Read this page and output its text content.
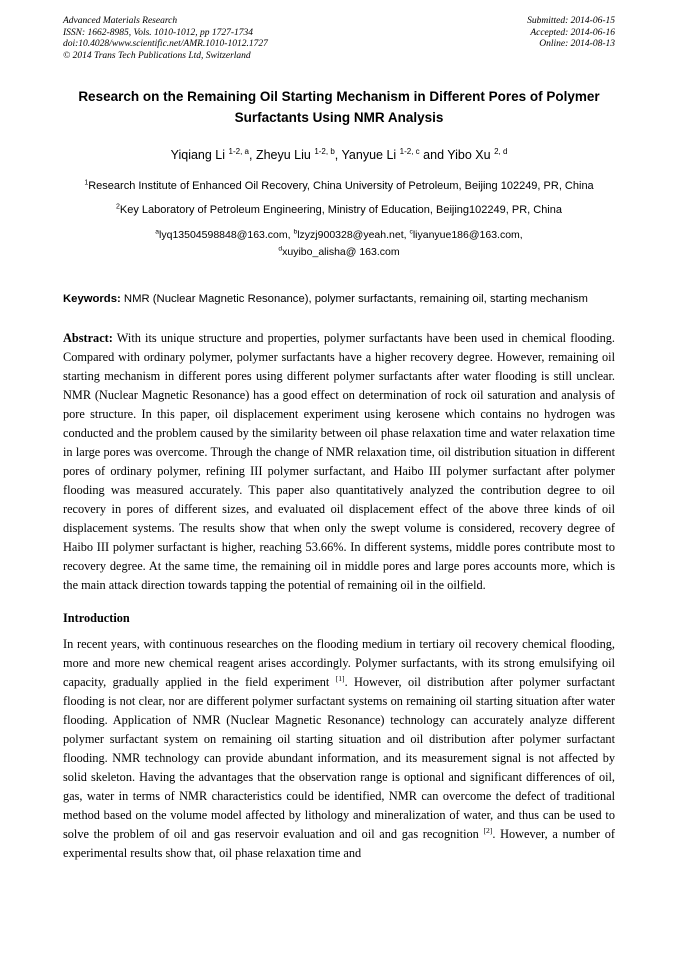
Advanced Materials Research
ISSN: 1662-8985, Vols. 1010-1012, pp 1727-1734
doi:10.4028/www.scientific.net/AMR.1010-1012.1727
© 2014 Trans Tech Publications Ltd, Switzerland
Submitted: 2014-06-15
Accepted: 2014-06-16
Online: 2014-08-13
Research on the Remaining Oil Starting Mechanism in Different Pores of Polymer Surfactants Using NMR Analysis

Yiqiang Li $^{1-2, a}$, Zheyu Liu $^{1-2, b}$, Yanyue Li $^{1-2, c}$ and Yibo Xu $^{2, d}$

$^1$Research Institute of Enhanced Oil Recovery, China University of Petroleum, Beijing 102249, PR, China

$^2$Key Laboratory of Petroleum Engineering, Ministry of Education, Beijing102249, PR, China

$^a$lyq13504598848@163.com, $^b$lzyzj900328@yeah.net, $^c$liyanyue186@163.com,
$^d$xuyibo_alisha@ 163.com

Keywords: NMR (Nuclear Magnetic Resonance), polymer surfactants, remaining oil, starting mechanism

Abstract: With its unique structure and properties, polymer surfactants have been used in chemical flooding. Compared with ordinary polymer, polymer surfactants have a higher recovery degree. However, remaining oil starting mechanism in different pores using different polymer surfactants after water flooding is still unclear. NMR (Nuclear Magnetic Resonance) has a good effect on determination of rock oil saturation and analysis of pore structure. In this paper, oil displacement experiment using kerosene which contains no hydrogen was conducted and the problem caused by the similarity between oil phase relaxation time and water relaxation time in large pores was overcome. Through the change of NMR relaxation time, oil distribution situation in different pores of ordinary polymer, refining III polymer surfactant, and Haibo III polymer surfactant after polymer flooding was measured accurately. This paper also quantitatively analyzed the contribution degree to oil recovery in pores of different sizes, and evaluated oil displacement effect of the above three kinds of oil displacement systems. The results show that when only the swept volume is considered, recovery degree of Haibo III polymer surfactant is higher, reaching 53.66%. In different systems, middle pores contribute most to recovery degree. At the same time, the remaining oil in middle pores and large pores accounts more, which is the main attack direction towards tapping the potential of remaining oil in the oilfield.

Introduction

In recent years, with continuous researches on the flooding medium in tertiary oil recovery chemical flooding, more and more new chemical reagent arises accordingly. Polymer surfactants, with its strong emulsifying oil capacity, gradually applied in the field experiment [1]. However, oil distribution after polymer surfactant flooding is not clear, nor are different polymer surfactant systems on remaining oil starting situation after water flooding. Application of NMR (Nuclear Magnetic Resonance) technology can accurately analyze different polymer surfactant system on remaining oil starting situation and oil distribution after polymer surfactant flooding. NMR technology can provide abundant information, and its measurement signal is not affected by solid skeleton. Having the advantages that the observation range is optional and significant differences of oil, gas, water in terms of NMR characteristics could be identified, NMR can overcome the defect of traditional method based on the volume model affected by lithology and mineralization of water, and thus can be used to solve the problem of oil and gas reservoir evaluation and oil and gas recognition [2]. However, a number of experimental results show that, oil phase relaxation time and
